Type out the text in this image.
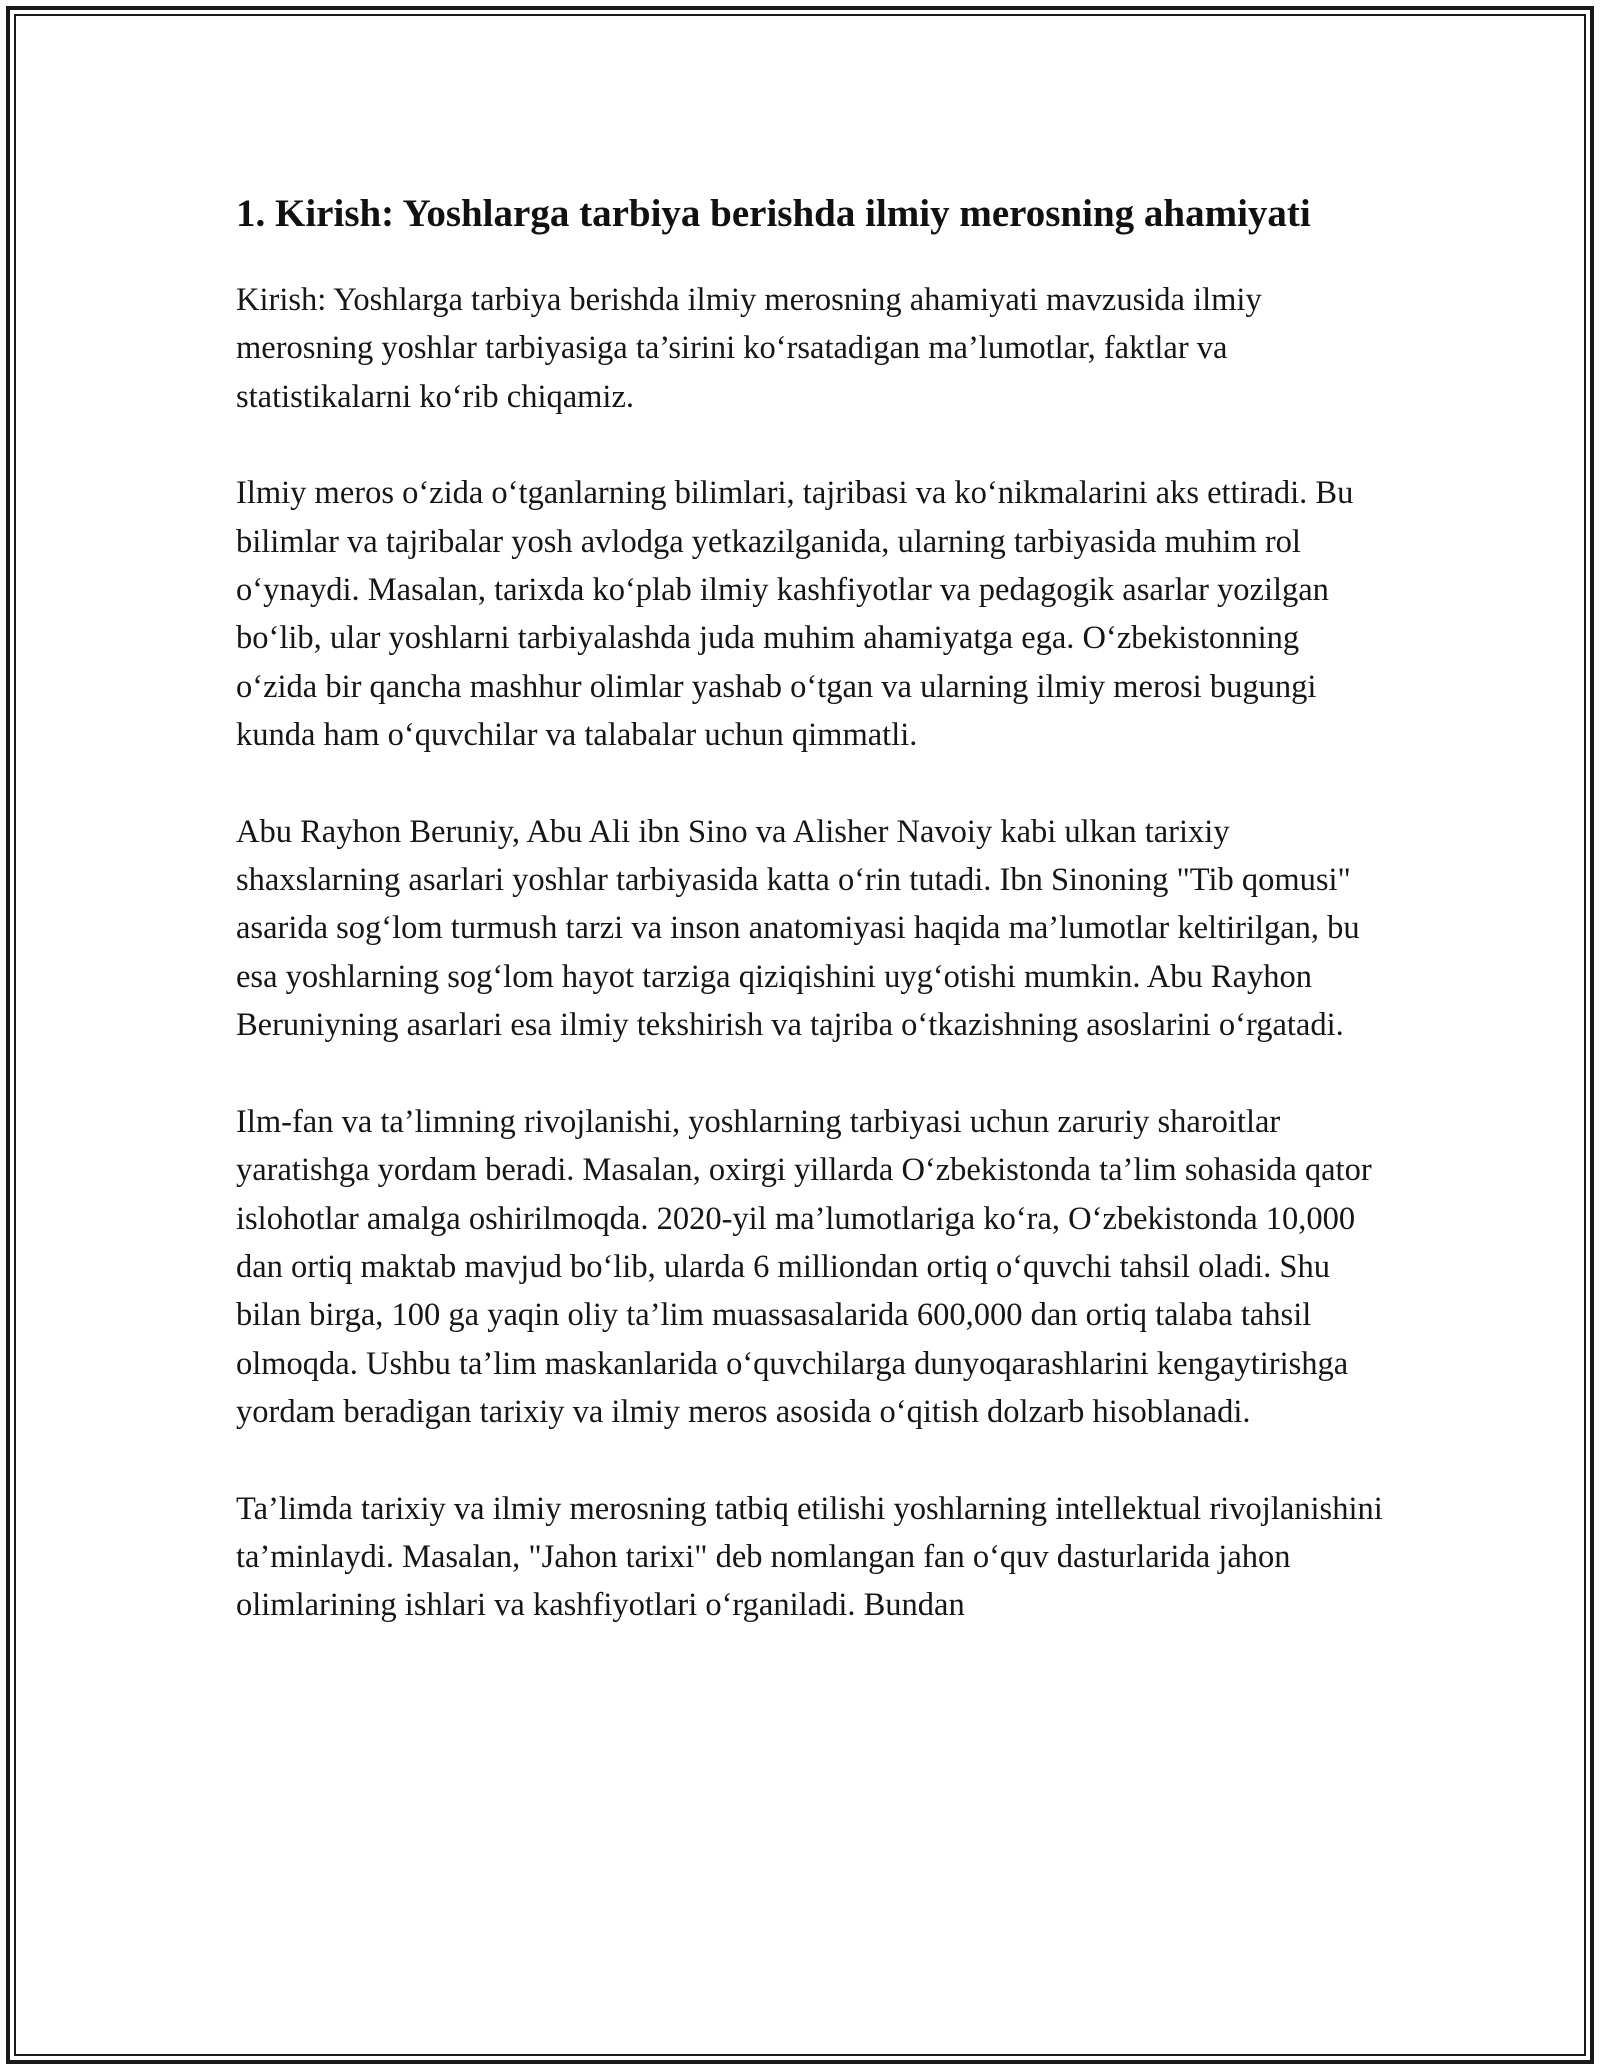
1. Kirish: Yoshlarga tarbiya berishda ilmiy merosning ahamiyati

Kirish: Yoshlarga tarbiya berishda ilmiy merosning ahamiyati mavzusida ilmiy merosning yoshlar tarbiyasiga ta’sirini ko‘rsatadigan ma’lumotlar, faktlar va statistikalarni ko‘rib chiqamiz.

Ilmiy meros o‘zida o‘tganlarning bilimlari, tajribasi va ko‘nikmalarini aks ettiradi. Bu bilimlar va tajribalar yosh avlodga yetkazilganida, ularning tarbiyasida muhim rol o‘ynaydi. Masalan, tarixda ko‘plab ilmiy kashfiyotlar va pedagogik asarlar yozilgan bo‘lib, ular yoshlarni tarbiyalashda juda muhim ahamiyatga ega. O‘zbekistonning o‘zida bir qancha mashhur olimlar yashab o‘tgan va ularning ilmiy merosi bugungi kunda ham o‘quvchilar va talabalar uchun qimmatli.

Abu Rayhon Beruniy, Abu Ali ibn Sino va Alisher Navoiy kabi ulkan tarixiy shaxslarning asarlari yoshlar tarbiyasida katta o‘rin tutadi. Ibn Sinoning "Tib qomusi" asarida sog‘lom turmush tarzi va inson anatomiyasi haqida ma’lumotlar keltirilgan, bu esa yoshlarning sog‘lom hayot tarziga qiziqishini uyg‘otishi mumkin. Abu Rayhon Beruniyning asarlari esa ilmiy tekshirish va tajriba o‘tkazishning asoslarini o‘rgatadi.

Ilm-fan va ta’limning rivojlanishi, yoshlarning tarbiyasi uchun zaruriy sharoitlar yaratishga yordam beradi. Masalan, oxirgi yillarda O‘zbekistonda ta’lim sohasida qator islohotlar amalga oshirilmoqda. 2020-yil ma’lumotlariga ko‘ra, O‘zbekistonda 10,000 dan ortiq maktab mavjud bo‘lib, ularda 6 milliondan ortiq o‘quvchi tahsil oladi. Shu bilan birga, 100 ga yaqin oliy ta’lim muassasalarida 600,000 dan ortiq talaba tahsil olmoqda. Ushbu ta’lim maskanlarida o‘quvchilarga dunyoqarashlarini kengaytirishga yordam beradigan tarixiy va ilmiy meros asosida o‘qitish dolzarb hisoblanadi.

Ta’limda tarixiy va ilmiy merosning tatbiq etilishi yoshlarning intellektual rivojlanishini ta’minlaydi. Masalan, "Jahon tarixi" deb nomlangan fan o‘quv dasturlarida jahon olimlarining ishlari va kashfiyotlari o‘rganiladi. Bundan
